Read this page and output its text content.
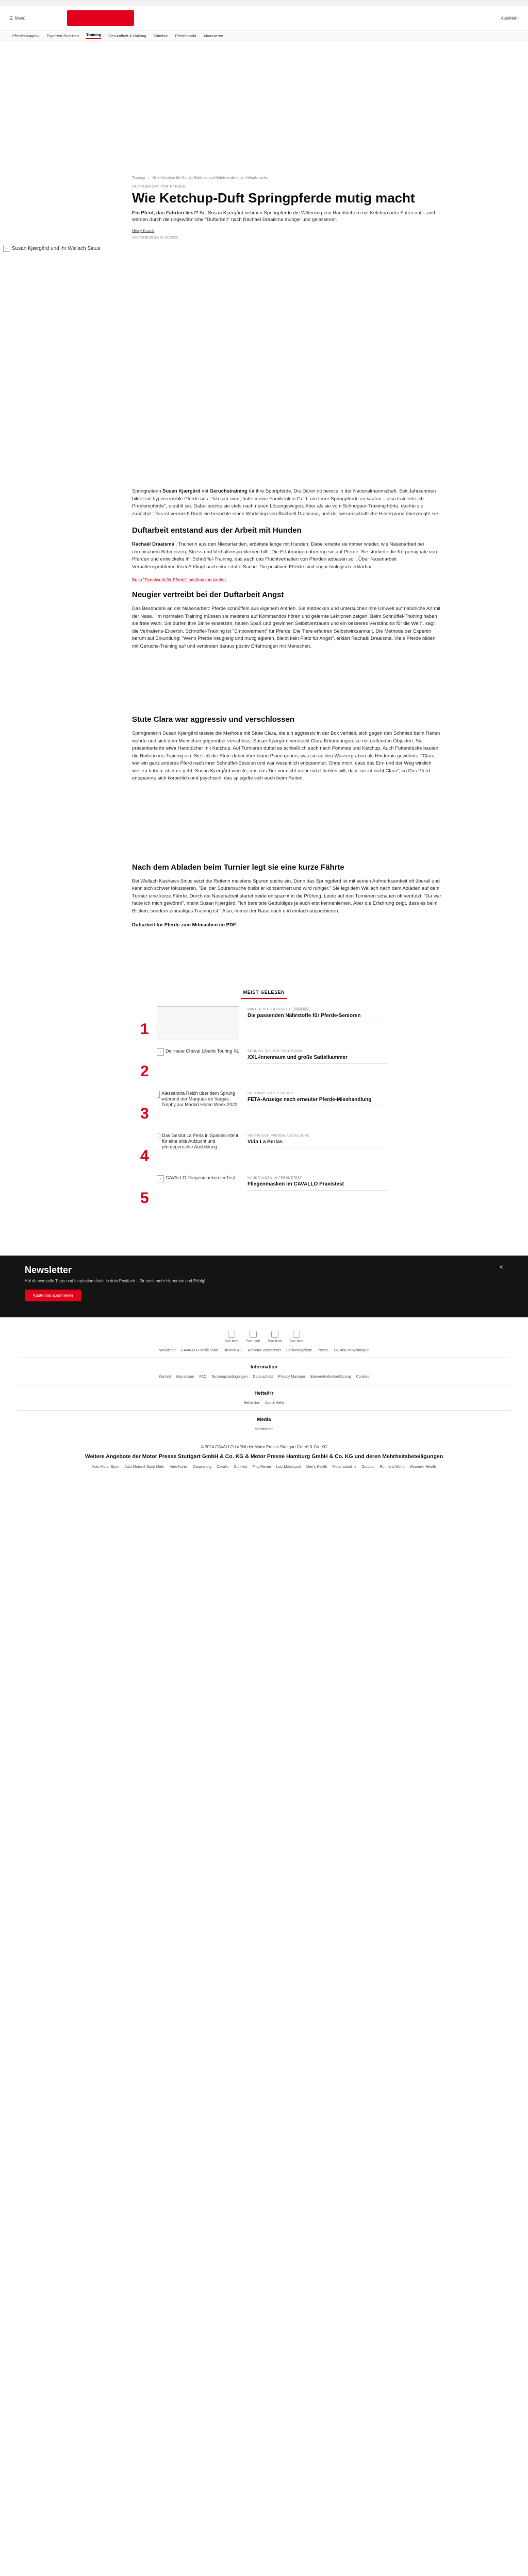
☰ Menü	Abo/Mehr
Pferdeshopping Experten-Rubriken Training Gesundheit & Haltung Zubehör Pferdemarkt Abonnieren
Training › Hilfe-Anheben für Mordet-Gelände und Kehrtwende in der Ablaufstrecke
DUFTABRICHT FÜR PFERDE
Wie Ketchup-Duft Springpferde mutig macht

Ein Pferd, das Fährten liest? Bei Susan Kjærgård nehmen Springpferde die Witterung von Handtüchern mit Ketchup oder Futter auf – und werden durch die ungewöhnliche "Duftarbeit" nach Rachaël Draaisma mutiger und gelassener.

Hilary Krumb
Veröffentlicht am 07.02.2023
▫ Susan Kjærgård und ihr Wallach Sirius

Springreiterin Susan Kjærgård mit Geruchstraining für ihre Sportpferde. Die Dänin ritt bereits in der Nationalmannschaft. Seit Jahrzehnten bildet sie hypersensible Pferde aus. "Ich sah zwar, hatte meine Familienlein Geld, um teure Springpferde zu kaufen – also trainierte ich Problempferde", erzählt sie. Dabei suchte sie stets nach neuen Lösungswegen. Aber als sie vom Schnupper-Training hörte, dachte sie zunächst: Das ist verrückt! Doch sie besuchte einen Workshop von Rachaël Draaisma, und der wissenschaftliche Hintergrund überzeugte sie.

Duftarbeit entstand aus der Arbeit mit Hunden

Rachaël Draaisma , Trainerin aus den Niederlanden, arbeitete lange mit Hunden. Dabei erlebte sie immer wieder, wie Nasenarbeit bei chronischem Schmerzen, Stress und Verhaltensproblemen hilft. Die Erfahrungen übertrug sie auf Pferde. Sie studierte die Körpersignale von Pferden und entwickelte ihr Schnüffel-Training, das auch das Fluchtverhalten von Pferden abbauen soll. Über Nasenarbeit Verhaltensprobleme lösen? Klingt nach einer dufte Sache. Die positiven Effekte sind sogar biologisch erklärbar.

Buch "Scentwork für Pferde" bei Amazon kaufen.
Neugier vertreibt bei der Duftarbeit Angst

Das Besondere an der Nasenarbeit: Pferde schnüffeln aus eigenem Antrieb. Sie entdecken und untersuchen ihre Umwelt auf natürliche Art mit der Nase. "Im normalen Training müssen sie meistens auf Kommandos hören und gelernte Lektionen zeigen. Beim Schnüffel-Training haben sie freie Wahl. Sie dürfen ihre Sinne einsetzen, haben Spaß und gewinnen Selbstvertrauen und ein besseres Verständnis für die Welt", sagt die Verhaltens-Expertin. Schnüffel-Training ist "Empowerment" für Pferde. Die Tiere erfahren Selbstwirksamkeit. Die Methode der Expertin beruht auf Erkundung: "Wenn Pferde neugierig und mutig agieren, bleibt kein Platz für Angst", erklärt Rachaël Draaisma. Viele Pferde bilden mit Geruchs-Training auf und verbinden daraus positiv Erfahrungen mit Menschen.

Stute Clara war aggressiv und verschlossen

Springreiterin Susan Kjærgård testete die Methode mit Stute Clara, die ein aggressiv in der Box verhielt, sich gegen den Schmied beim Reiten wehrte und sich dem Menschen gegenüber verschloss. Susan Kjærgård versteckt Clara Erkundungsreize mit duftenden Objekten. Sie präsentierte ihr etwa Handtücher mit Ketchup. Auf Turnieren duftet es schließlich auch nach Pommes und Ketchup. Auch Futterstücke bauten die Reiterin ins Training ein. Sie ließ die Stute dabei über blaue Plane gehen, was sie an den Wassergraben als Hindernis gewöhnte. "Clara war ein ganz anderes Pferd nach ihrer Schnüffel-Session und war wesentlich entspannter. Ohne mich, dass das Ein- und der Weg wirklich weit zu haben, aber es geht. Susan Kjærgård wusste, das das Tier vor nicht mehr sich flüchten will, dass sie ist nicht Clara", so Das Pferd entspannte sich körperlich und psychisch, das spiegelte sich auch beim Reiten.

Nach dem Abladen beim Turnier legt sie eine kurze Fährte

Bei Wallach Kashaws Sirius setzt die Reiterin meistens Spuren suche ein. Denn das Springpferd ist mit seinen Aufmerksamkeit oft überall und kann sich schwer fokussieren. "Bei der Spurensuche bleibt er konzentriert und wird ruhiger." Sie legt dem Wallach nach dem Abladen auf dem Turnier eine kurze Fährte. Durch die Nasenarbeit startet beide entspannt in die Prüfung. Leute auf den Turnieren schauen oft verdutzt. "Da war habe ich mich gewöhnt", meint Susan Kjærgård. "Ich bereitete Geduldiges ja auch erst kennenlernen. Aber die Erfahrung zeigt, dass es beim Blicken, sondern einmaliges Training ist." Also, immer der Nase nach und einfach ausprobieren.

Duftarbeit für Pferde zum Mitmachen im PDF:
MEIST GELESEN
1
WINTER GUT GERÜSTET	ANZEIGE
Die passenden Nährstoffe für Pferde-Senioren
2
▫ Der neue Cheval Liberté Touring XL SCHNELL ZU - FÜL TACK ROOM
XXL-Innenraum und große Sattelkammer
3
▫ Alessandra Reich über dem Sprung während der Marques de Vargas Trophy zur Madrid Horse Week 2022
BESTIMMT UNTER DRUCK
FETA-Anzeige nach erneuter Pferde-Misshandlung
4
▫ Das Gestüt La Perla in Spanien steht für eine tolle Aufzucht und pferdegerechte Ausbildung.
VERTRAUEN PFERDE-AUSBILDUNG
Vida La Perlas
5
▫ CAVALLO Fliegenmasken im Test	HANDFANGEN IM PFERDETEST
Fliegenmasken im CAVALLO Praxistest
Newsletter
Hol dir wertvolle Tipps und Inspiration direkt in dein Postfach – für noch mehr Harmonie und Erfolg!
Kostenlos abonnieren
×
Soc Icon Soc Icon Soc Icon Soc Icon
Newsletter CAVALLO Familienabo Themen A-Z Anbieter-Verzeichnis Stellenangebote Presse Ov. Abo Verwaltungen
Information
Kontakt Impressum FAQ Nutzungsbedingungen Datenschutz Privacy Manager Barrierefreiheitserklärung Cookies
Hefte/Hr
Heftarchiv Abo & Hefte
Media
Mediadaten
© 2024 CAVALLO ist Teil der Motor Presse Stuttgart GmbH & Co. KG
Weitere Angebote der Motor Presse Stuttgart GmbH & Co. KG & Motor Presse Hamburg GmbH & Co. KG und deren Mehrheitsbeteiligungen
Auto Motor Sport Auto Motor & Sport Mehr Aero Kurier Caravaning Cavallo Connect Flug Revue Lutz Motorsport Men's Health Motorradonline Outdoor Runner's World Women's Health
